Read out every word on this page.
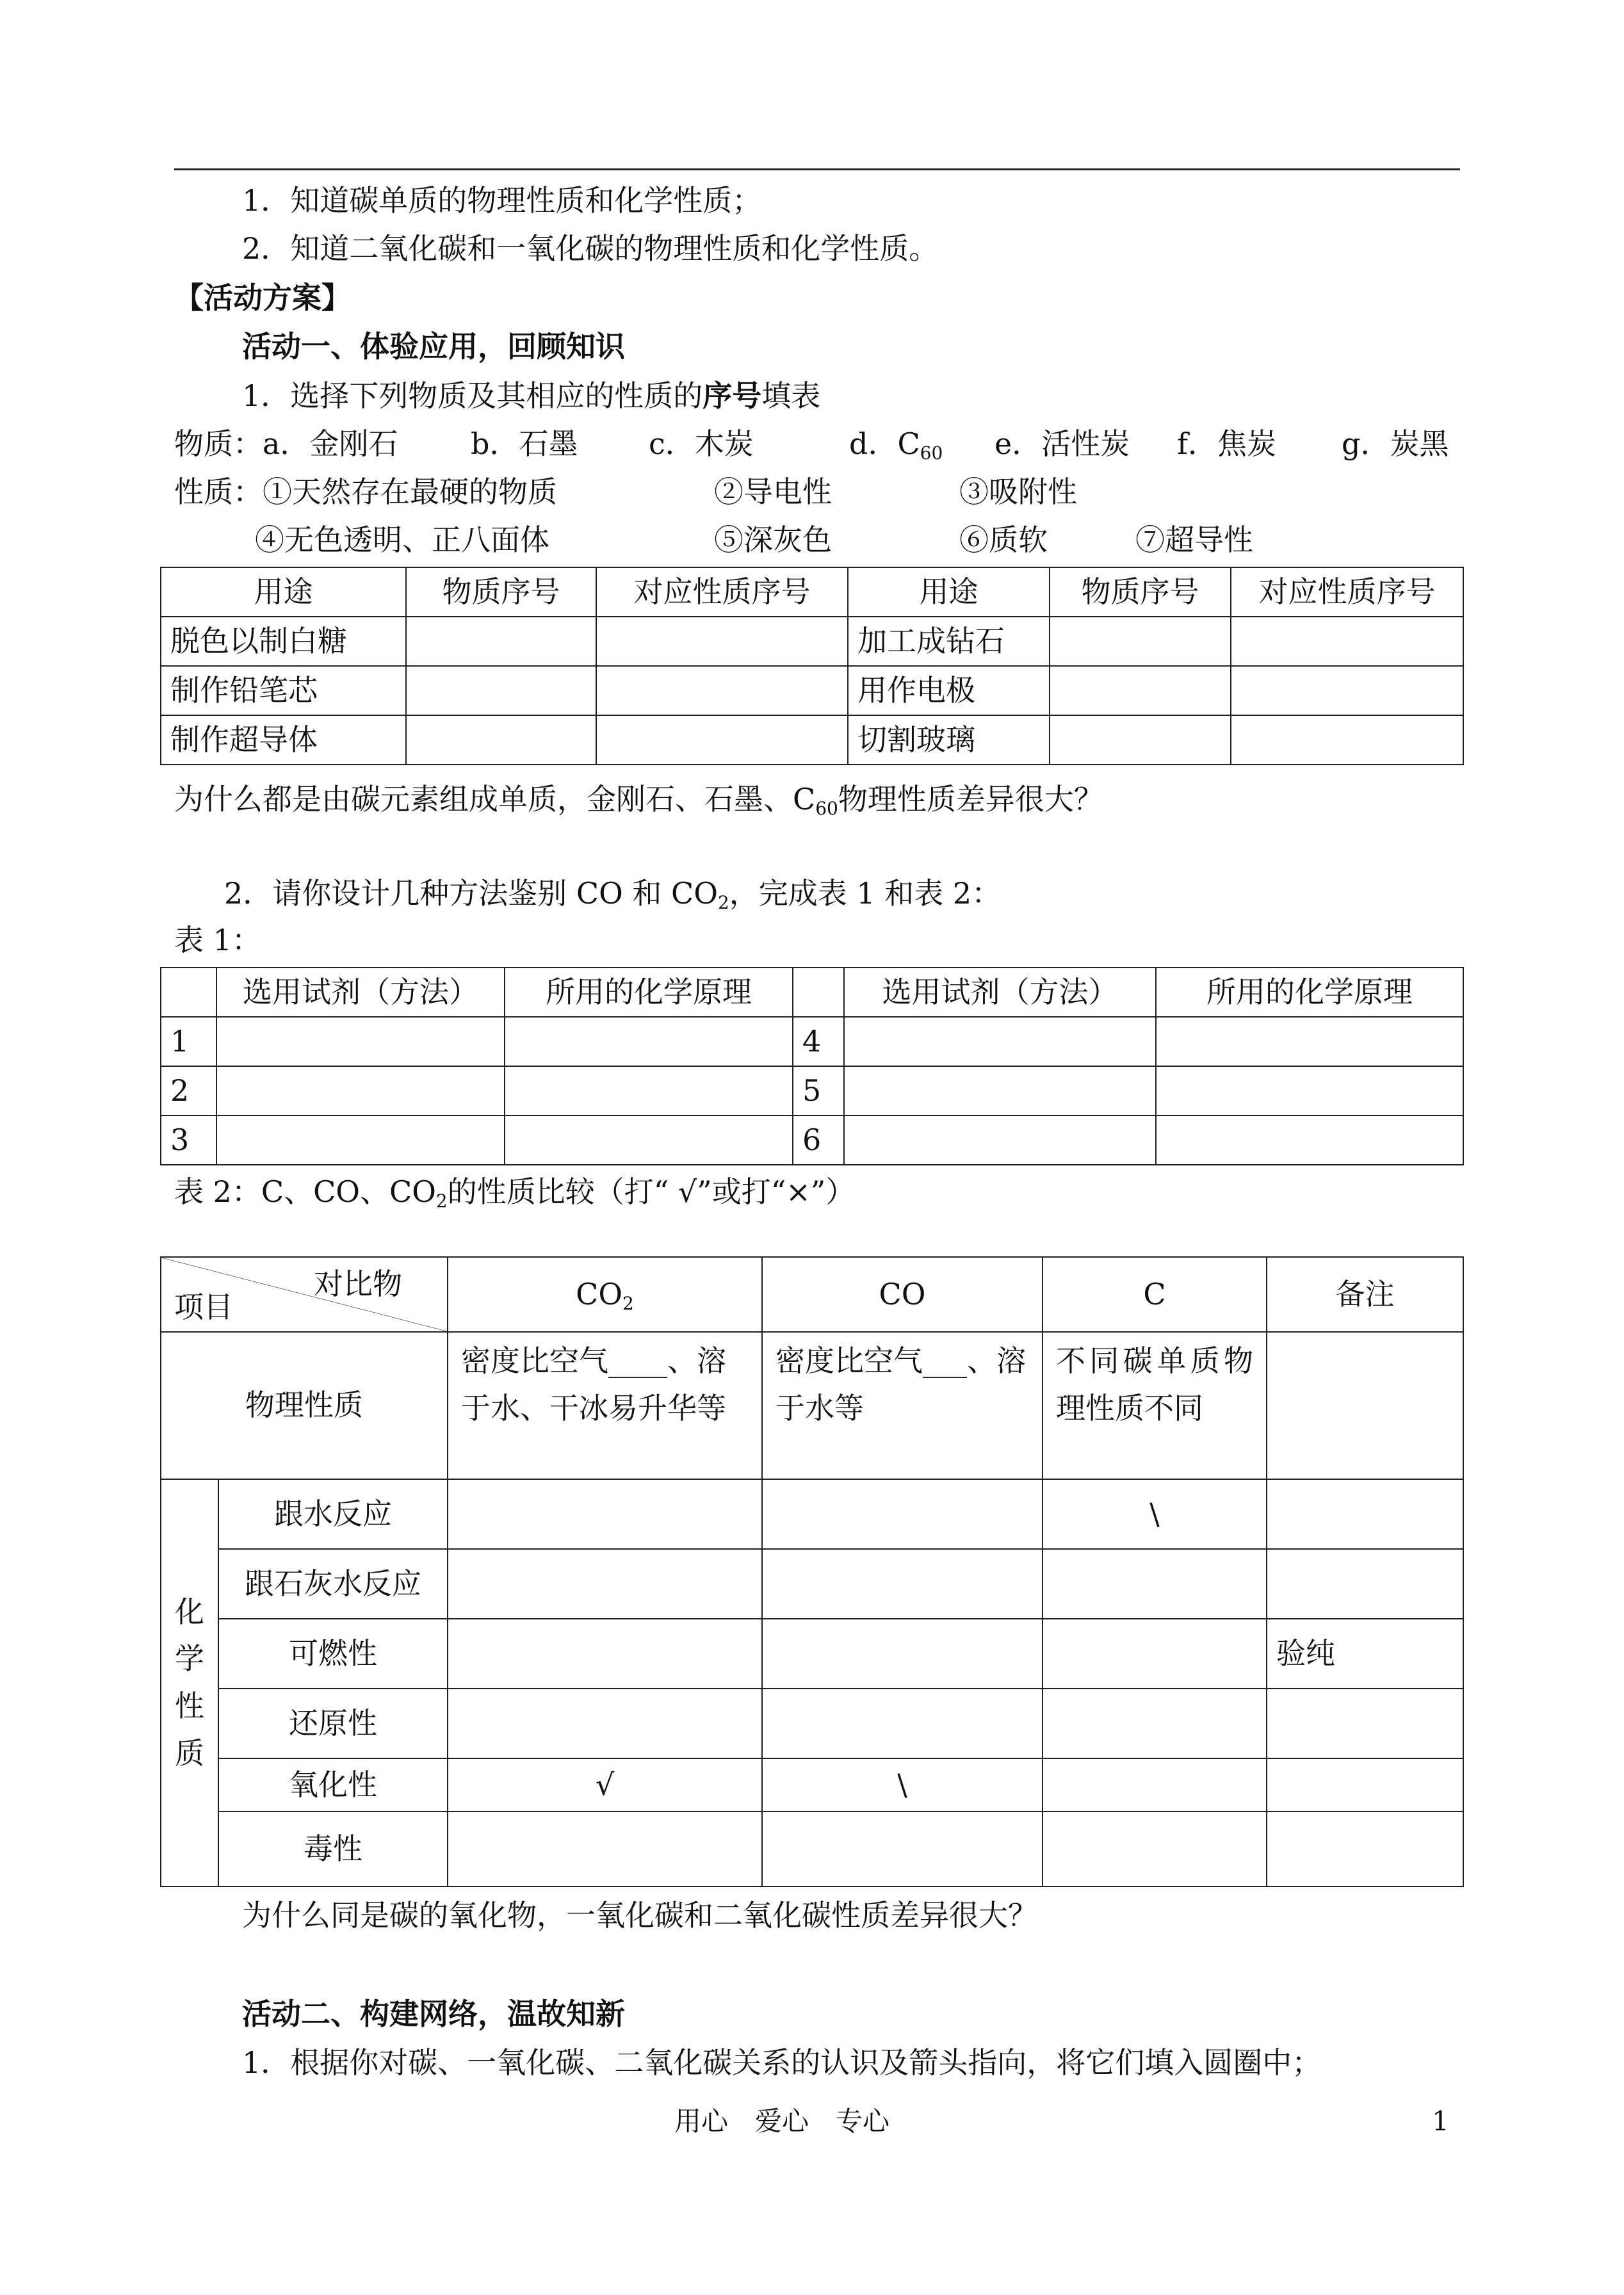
1．知道碳单质的物理性质和化学性质；
2．知道二氧化碳和一氧化碳的物理性质和化学性质。
【活动方案】
活动一、体验应用，回顾知识
1．选择下列物质及其相应的性质的序号填表
物质：a．金刚石 b．石墨 c．木炭	d．$C_{60}$ e．活性炭 f．焦炭 g．炭黑
性质：①天然存在最硬的物质	②导电性	③吸附性
④无色透明、正八面体	⑤深灰色	⑥质软	⑦超导性
用途	物质序号	对应性质序号	用途	物质序号	对应性质序号
脱色以制白糖			加工成钻石		
制作铅笔芯			用作电极		
制作超导体			切割玻璃		
为什么都是由碳元素组成单质，金刚石、石墨、$C_{60}$物理性质差异很大？
2．请你设计几种方法鉴别 CO 和 $CO_2$，完成表 1 和表 2：
表 1：
	选用试剂（方法）	所用的化学原理		选用试剂（方法）	所用的化学原理
1			4		
2			5		
3			6		
表 2：C、CO、$CO_2$的性质比较（打“ √”或打“×”）
对比物
项目		$CO_2$	CO	C	备注
物理性质		密度比空气____、溶于水、干冰易升华等	密度比空气___、溶于水等	不同碳单质物理性质不同	

化
学
性
质	跟水反应			\	
	跟石灰水反应				
	可燃性				验纯
	还原性				
	氧化性	√	\		
	毒性				
为什么同是碳的氧化物，一氧化碳和二氧化碳性质差异很大？
活动二、构建网络，温故知新
1．根据你对碳、一氧化碳、二氧化碳关系的认识及箭头指向，将它们填入圆圈中；
用心　爱心　专心	1
